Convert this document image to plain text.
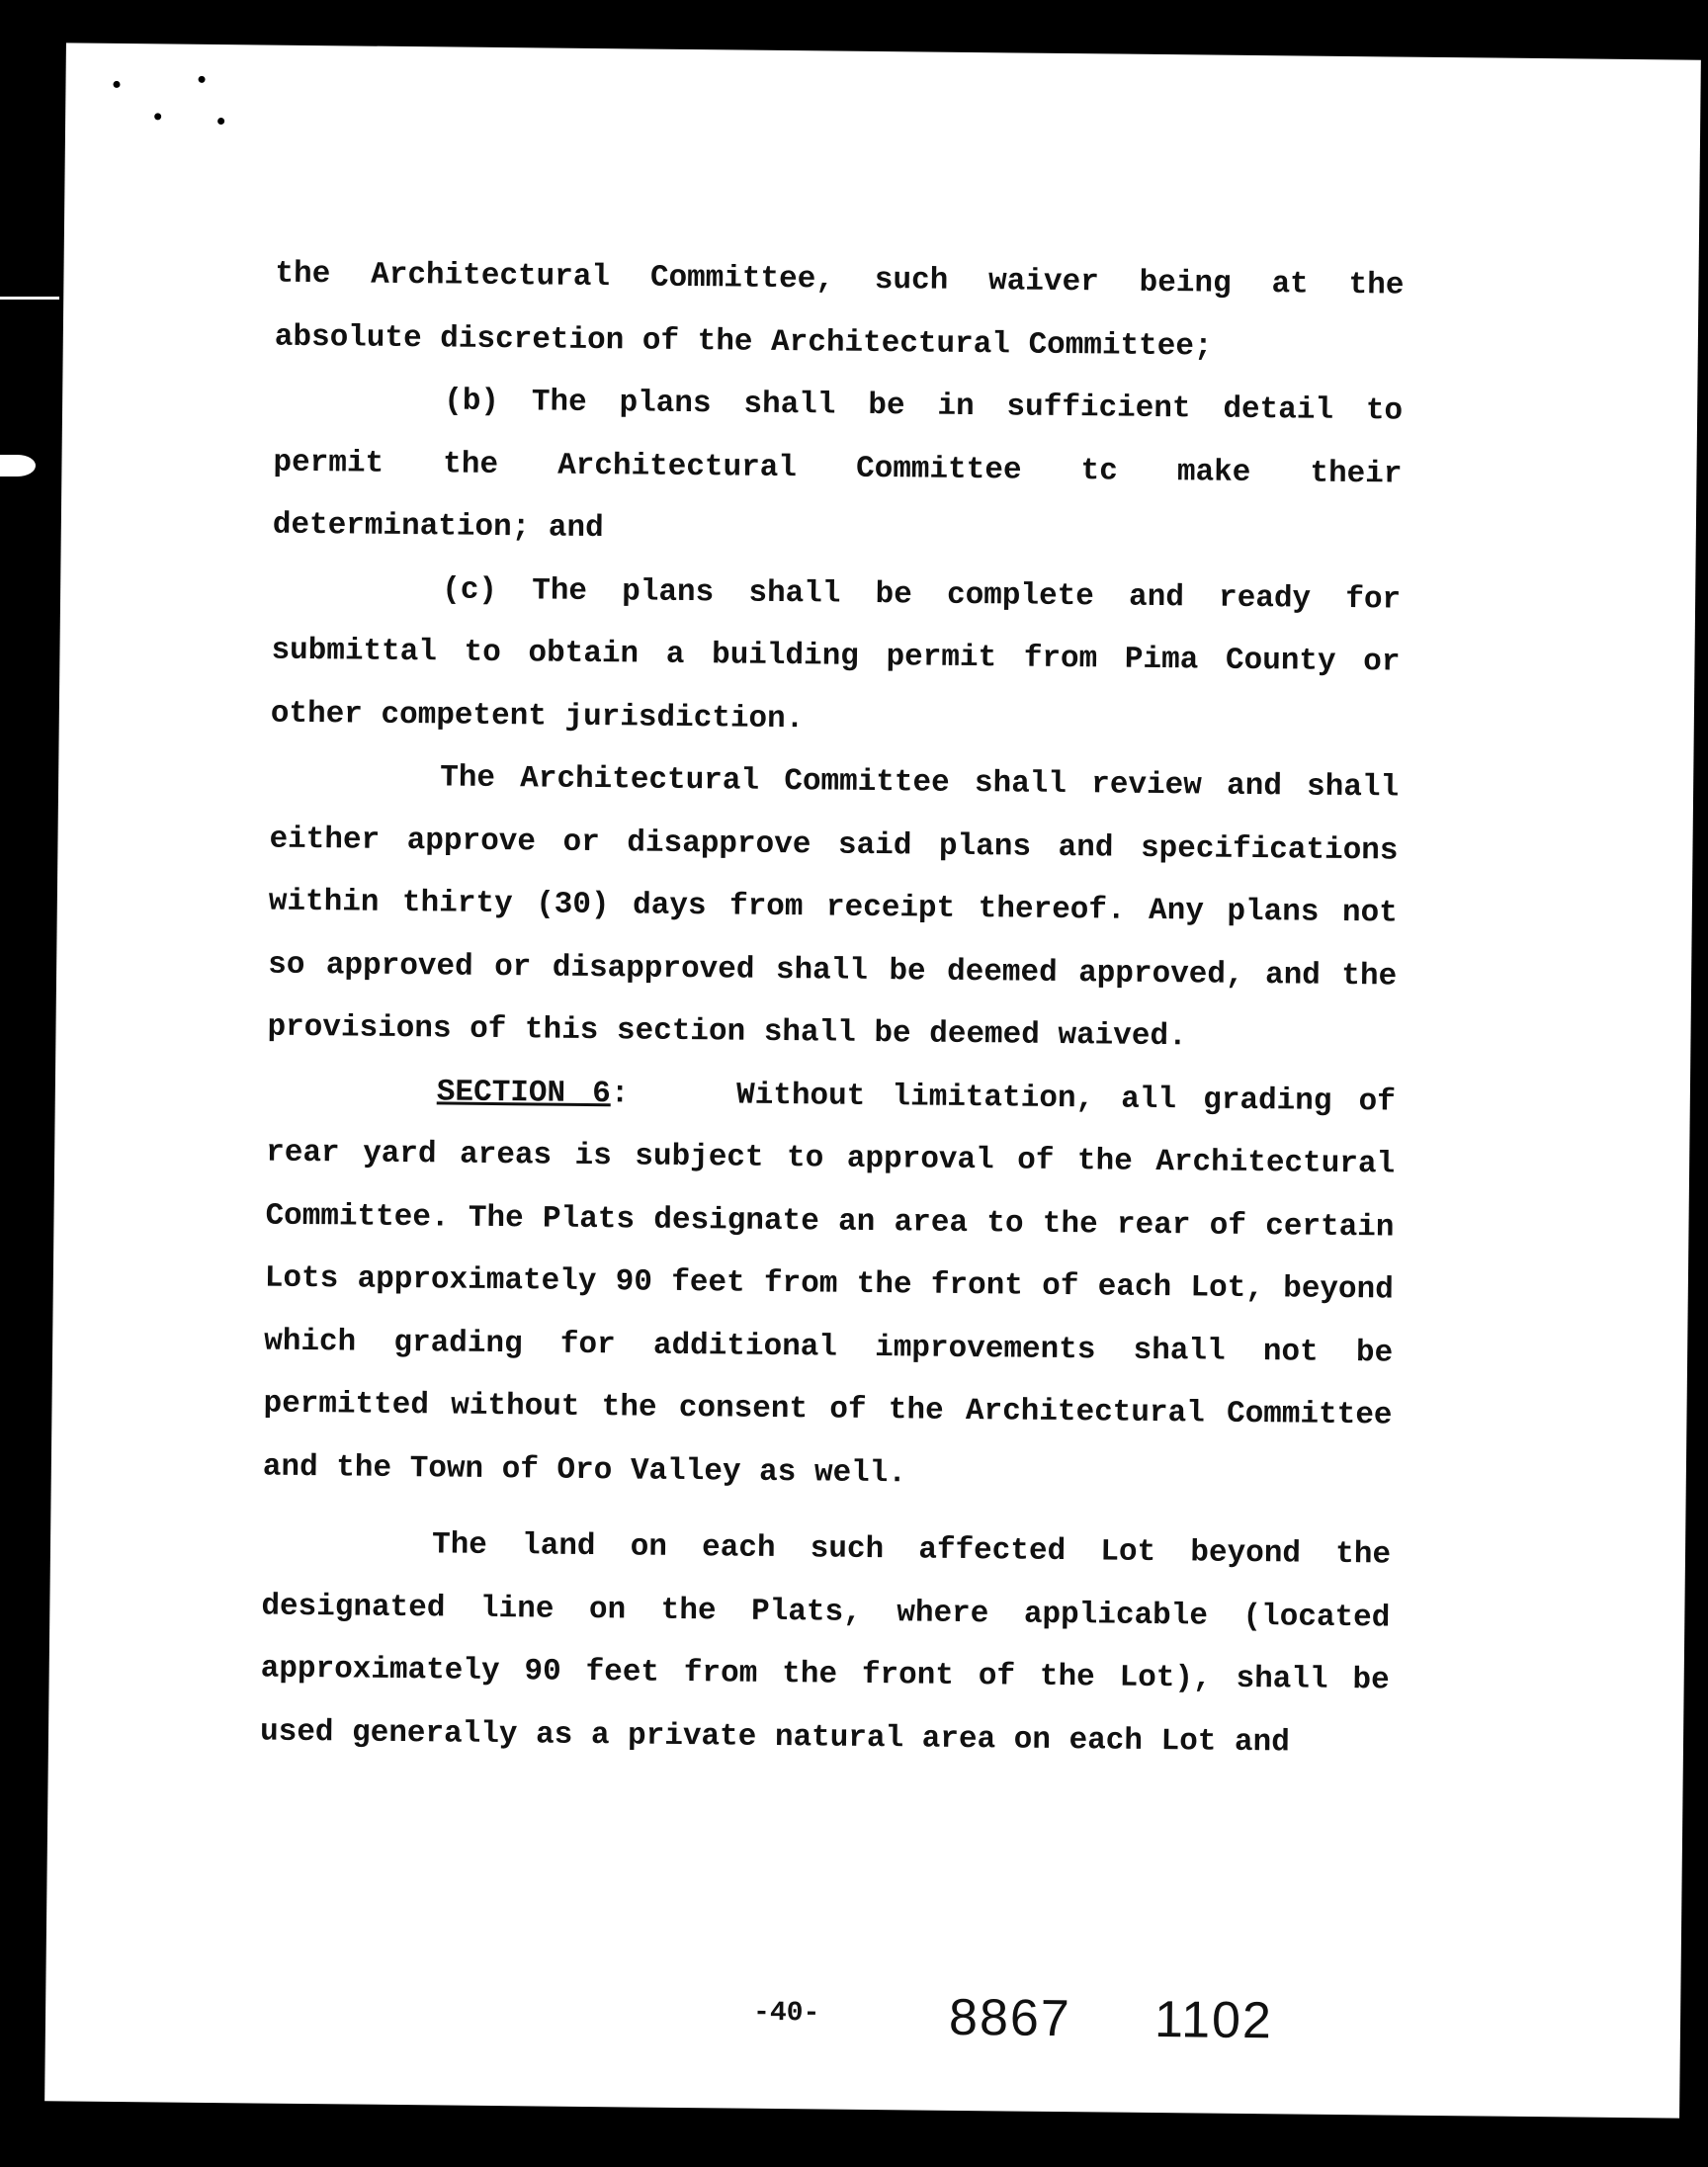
the Architectural Committee, such waiver being at the absolute discretion of the Architectural Committee;

(b) The plans shall be in sufficient detail to permit the Architectural Committee tc make their determination; and

(c) The plans shall be complete and ready for submittal to obtain a building permit from Pima County or other competent jurisdiction.

The Architectural Committee shall review and shall either approve or disapprove said plans and specifications within thirty (30) days from receipt thereof. Any plans not so approved or disapproved shall be deemed approved, and the provisions of this section shall be deemed waived.

SECTION 6:	Without limitation, all grading of rear yard areas is subject to approval of the Architectural Committee. The Plats designate an area to the rear of certain Lots approximately 90 feet from the front of each Lot, beyond which grading for additional improvements shall not be permitted without the consent of the Architectural Committee and the Town of Oro Valley as well.

The land on each such affected Lot beyond the designated line on the Plats, where applicable (located approximately 90 feet from the front of the Lot), shall be used generally as a private natural area on each Lot and

-40-	8867 1102
